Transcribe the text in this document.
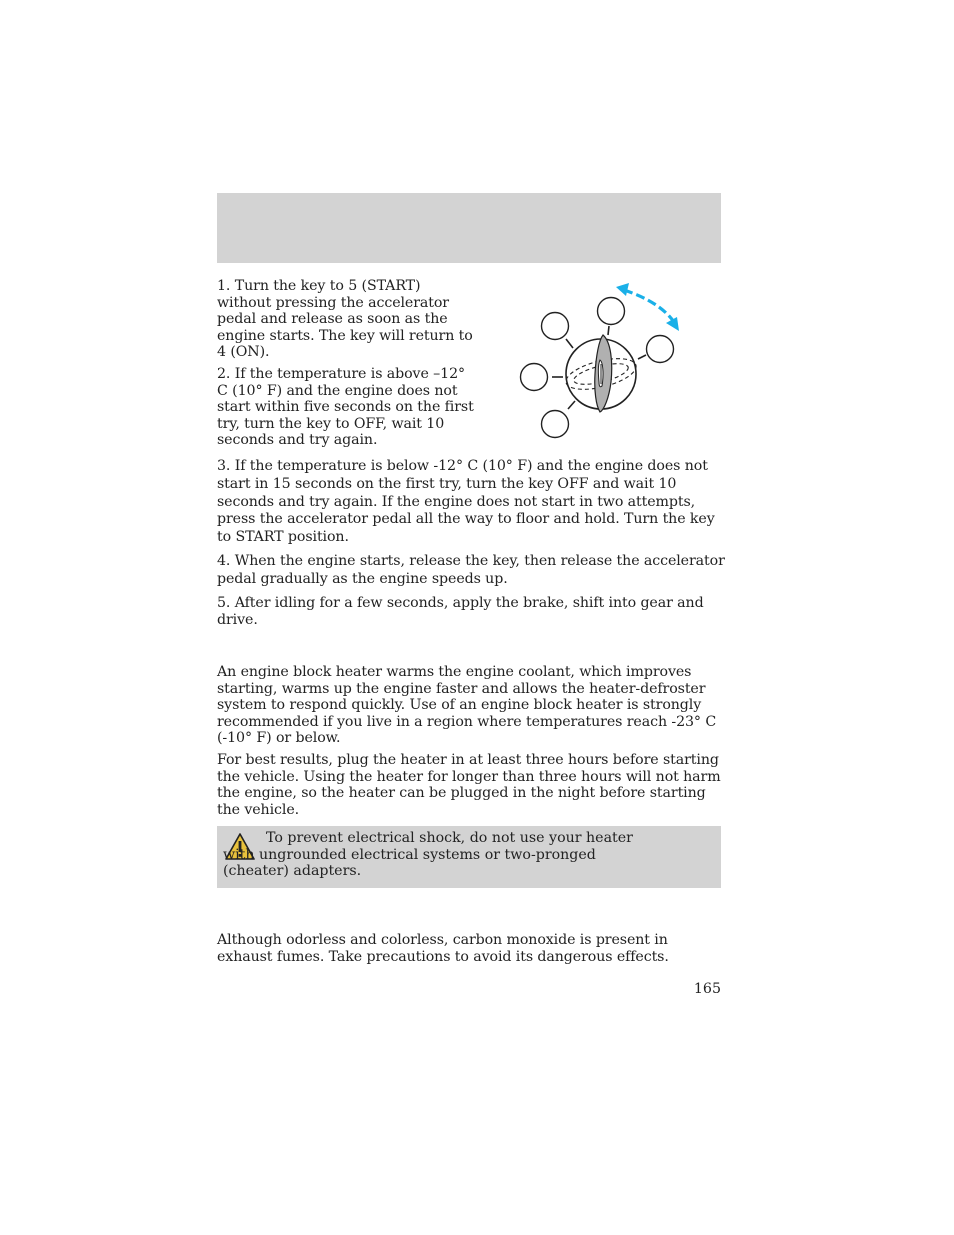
1. Turn the key to 5 (START) without pressing the accelerator pedal and release as soon as the engine starts. The key will return to 4 (ON).

2. If the temperature is above –12° C (10° F) and the engine does not start within five seconds on the first try, turn the key to OFF, wait 10 seconds and try again.

3. If the temperature is below -12° C (10° F) and the engine does not start in 15 seconds on the first try, turn the key OFF and wait 10 seconds and try again. If the engine does not start in two attempts, press the accelerator pedal all the way to floor and hold. Turn the key to START position.

4. When the engine starts, release the key, then release the accelerator pedal gradually as the engine speeds up.

5. After idling for a few seconds, apply the brake, shift into gear and drive.

An engine block heater warms the engine coolant, which improves starting, warms up the engine faster and allows the heater-defroster system to respond quickly. Use of an engine block heater is strongly recommended if you live in a region where temperatures reach -23° C (-10° F) or below.

For best results, plug the heater in at least three hours before starting the vehicle. Using the heater for longer than three hours will not harm the engine, so the heater can be plugged in the night before starting the vehicle.

To prevent electrical shock, do not use your heater with ungrounded electrical systems or two-pronged (cheater) adapters.

Although odorless and colorless, carbon monoxide is present in exhaust fumes. Take precautions to avoid its dangerous effects.

165
